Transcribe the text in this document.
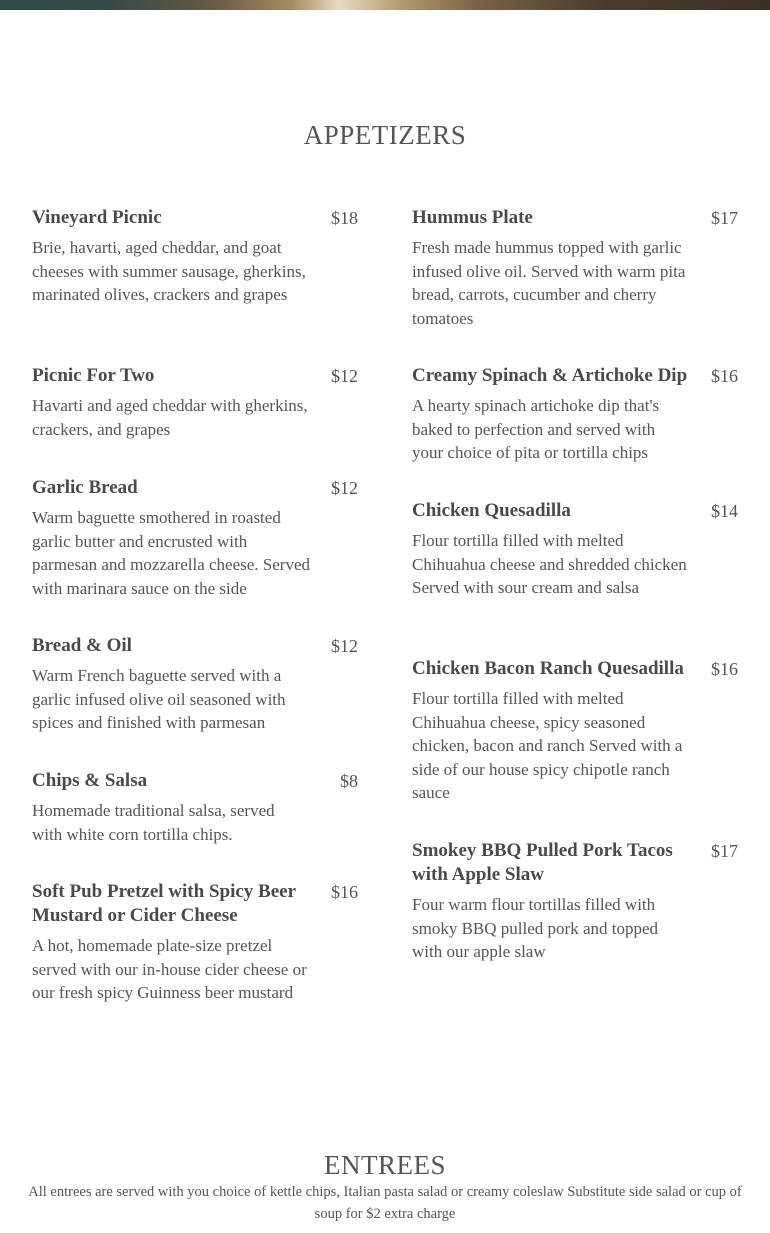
APPETIZERS
Vineyard Picnic	$18
Brie, havarti, aged cheddar, and goat cheeses with summer sausage, gherkins, marinated olives, crackers and grapes
Picnic For Two	$12
Havarti and aged cheddar with gherkins, crackers, and grapes
Garlic Bread	$12
Warm baguette smothered in roasted garlic butter and encrusted with parmesan and mozzarella cheese. Served with marinara sauce on the side
Bread & Oil	$12
Warm French baguette served with a garlic infused olive oil seasoned with spices and finished with parmesan
Chips & Salsa	$8
Homemade traditional salsa, served with white corn tortilla chips.
Soft Pub Pretzel with Spicy Beer Mustard or Cider Cheese
$16
A hot, homemade plate-size pretzel served with our in-house cider cheese or our fresh spicy Guinness beer mustard
Hummus Plate	$17
Fresh made hummus topped with garlic infused olive oil. Served with warm pita bread, carrots, cucumber and cherry tomatoes
Creamy Spinach & Artichoke Dip $16
A hearty spinach artichoke dip that's baked to perfection and served with your choice of pita or tortilla chips
Chicken Quesadilla	$14
Flour tortilla filled with melted Chihuahua cheese and shredded chicken Served with sour cream and salsa
Chicken Bacon Ranch Quesadilla	$16
Flour tortilla filled with melted Chihuahua cheese, spicy seasoned chicken, bacon and ranch Served with a side of our house spicy chipotle ranch sauce
Smokey BBQ Pulled Pork Tacos with Apple Slaw
$17
Four warm flour tortillas filled with smoky BBQ pulled pork and topped with our apple slaw
ENTREES
All entrees are served with you choice of kettle chips, Italian pasta salad or creamy coleslaw Substitute side salad or cup of soup for $2 extra charge
